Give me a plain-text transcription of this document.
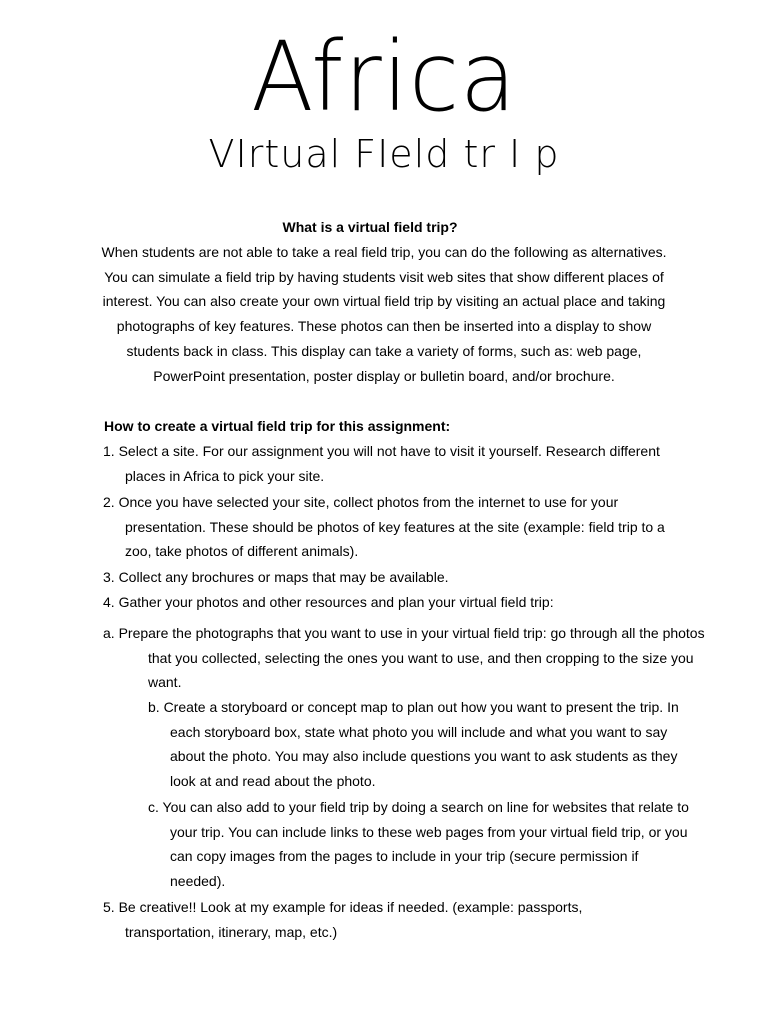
Africa
VIrtual FIeld tr I p
What is a virtual field trip?

When students are not able to take a real field trip, you can do the following as alternatives. You can simulate a field trip by having students visit web sites that show different places of interest. You can also create your own virtual field trip by visiting an actual place and taking photographs of key features. These photos can then be inserted into a display to show students back in class. This display can take a variety of forms, such as: web page, PowerPoint presentation, poster display or bulletin board, and/or brochure.

How to create a virtual field trip for this assignment:

1. Select a site. For our assignment you will not have to visit it yourself. Research different places in Africa to pick your site.

2. Once you have selected your site, collect photos from the internet to use for your presentation. These should be photos of key features at the site (example: field trip to a zoo, take photos of different animals).

3. Collect any brochures or maps that may be available.

4. Gather your photos and other resources and plan your virtual field trip:

a. Prepare the photographs that you want to use in your virtual field trip: go through all the photos that you collected, selecting the ones you want to use, and then cropping to the size you want.

b. Create a storyboard or concept map to plan out how you want to present the trip. In each storyboard box, state what photo you will include and what you want to say about the photo. You may also include questions you want to ask students as they look at and read about the photo.

c. You can also add to your field trip by doing a search on line for websites that relate to your trip. You can include links to these web pages from your virtual field trip, or you can copy images from the pages to include in your trip (secure permission if needed).

5. Be creative!! Look at my example for ideas if needed. (example: passports, transportation, itinerary, map, etc.)
